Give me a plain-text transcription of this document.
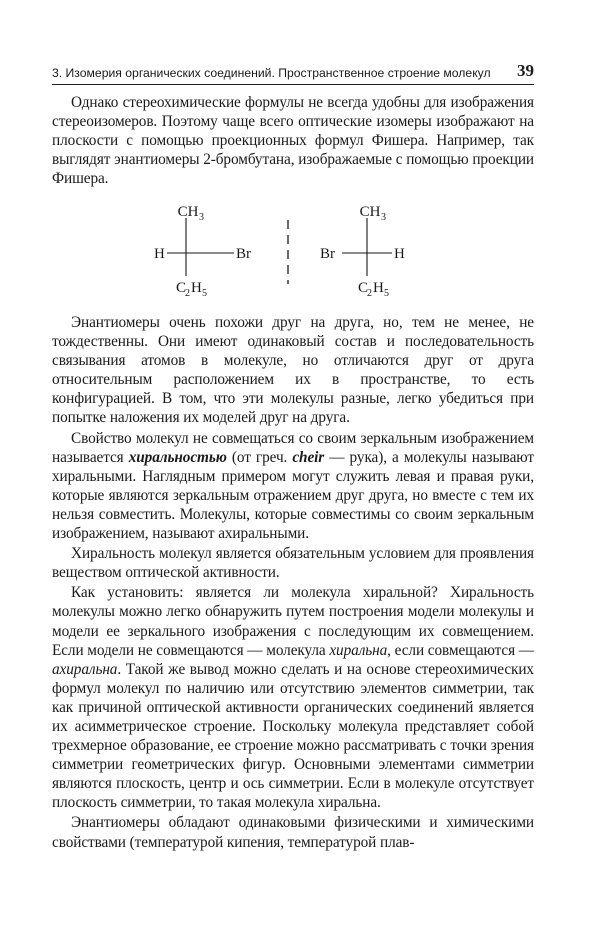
3. Изомерия органических соединений. Пространственное строение молекул 39

Однако стереохимические формулы не всегда удобны для изображения стереоизомеров. Поэтому чаще всего оптические изомеры изображают на плоскости с помощью проекционных формул Фишера. Например, так выглядят энантиомеры 2-бромбутана, изображаемые с помощью проекции Фишера.

CH 3
H	Br
C
2 H 5
CH 3
Br	H
C
2 H 5

Энантиомеры очень похожи друг на друга, но, тем не менее, не тождественны. Они имеют одинаковый состав и последовательность связывания атомов в молекуле, но отличаются друг от друга относительным расположением их в пространстве, то есть конфигурацией. В том, что эти молекулы разные, легко убедиться при попытке наложения их моделей друг на друга.

Свойство молекул не совмещаться со своим зеркальным изображением называется хиральностью (от греч. cheir — рука), а молекулы называют хиральными. Наглядным примером могут служить левая и правая руки, которые являются зеркальным отражением друг друга, но вместе с тем их нельзя совместить. Молекулы, которые совместимы со своим зеркальным изображением, называют ахиральными.

Хиральность молекул является обязательным условием для проявления веществом оптической активности.

Как установить: является ли молекула хиральной? Хиральность молекулы можно легко обнаружить путем построения модели молекулы и модели ее зеркального изображения с последующим их совмещением. Если модели не совмещаются — молекула хиральна, если совмещаются — ахиральна. Такой же вывод можно сделать и на основе стереохимических формул молекул по наличию или отсутствию элементов симметрии, так как причиной оптической активности органических соединений является их асимметрическое строение. Поскольку молекула представляет собой трехмерное образование, ее строение можно рассматривать с точки зрения симметрии геометрических фигур. Основными элементами симметрии являются плоскость, центр и ось симметрии. Если в молекуле отсутствует плоскость симметрии, то такая молекула хиральна.

Энантиомеры обладают одинаковыми физическими и химическими свойствами (температурой кипения, температурой плав-
